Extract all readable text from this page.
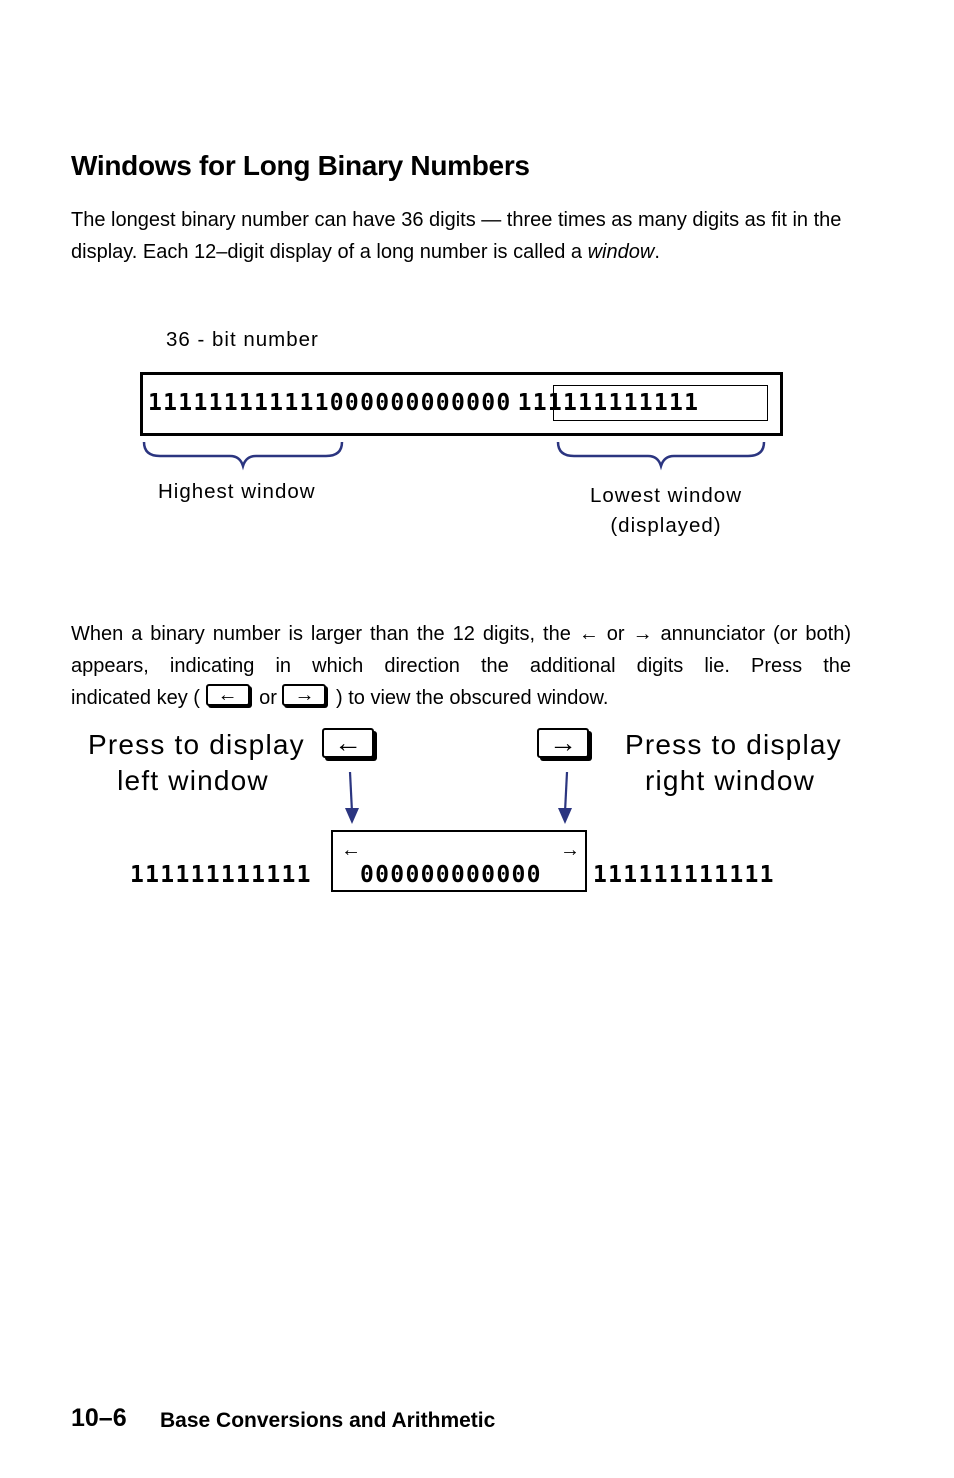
Windows for Long Binary Numbers

The longest binary number can have 36 digits — three times as many digits as fit in the display. Each 12–digit display of a long number is called a window.

36 - bit number
111111111111000000000000 111111111111
Highest window	Lowest window
(displayed)

When a binary number is larger than the 12 digits, the ← or → annunciator (or both) appears, indicating in which direction the additional digits lie. Press the
indicated key ( ←	or →	) to view the obscured window.

Press to display
left window
←	→	Press to display
right window
←	→
111111111111 000000000000 111111111111
10–6 Base Conversions and Arithmetic
